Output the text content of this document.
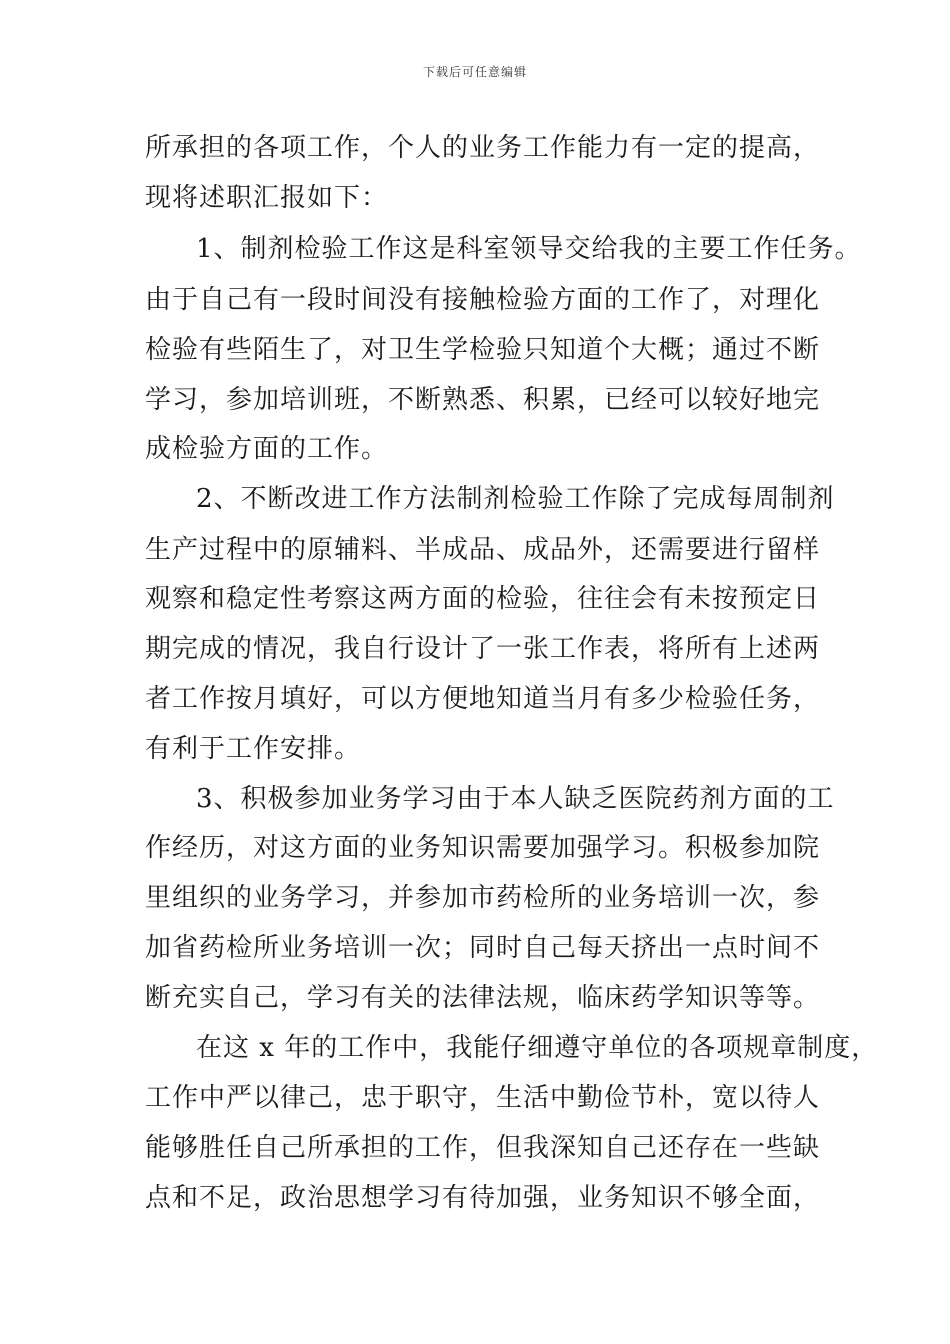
下载后可任意编辑
所承担的各项工作，个人的业务工作能力有一定的提高，
现将述职汇报如下：
1、制剂检验工作这是科室领导交给我的主要工作任务。
由于自己有一段时间没有接触检验方面的工作了，对理化
检验有些陌生了，对卫生学检验只知道个大概；通过不断
学习，参加培训班，不断熟悉、积累，已经可以较好地完
成检验方面的工作。
2、不断改进工作方法制剂检验工作除了完成每周制剂
生产过程中的原辅料、半成品、成品外，还需要进行留样
观察和稳定性考察这两方面的检验，往往会有未按预定日
期完成的情况，我自行设计了一张工作表，将所有上述两
者工作按月填好，可以方便地知道当月有多少检验任务，
有利于工作安排。
3、积极参加业务学习由于本人缺乏医院药剂方面的工
作经历，对这方面的业务知识需要加强学习。积极参加院
里组织的业务学习，并参加市药检所的业务培训一次，参
加省药检所业务培训一次；同时自己每天挤出一点时间不
断充实自己，学习有关的法律法规，临床药学知识等等。
在这 x 年的工作中，我能仔细遵守单位的各项规章制度，
工作中严以律己，忠于职守，生活中勤俭节朴，宽以待人
能够胜任自己所承担的工作，但我深知自己还存在一些缺
点和不足，政治思想学习有待加强，业务知识不够全面，
